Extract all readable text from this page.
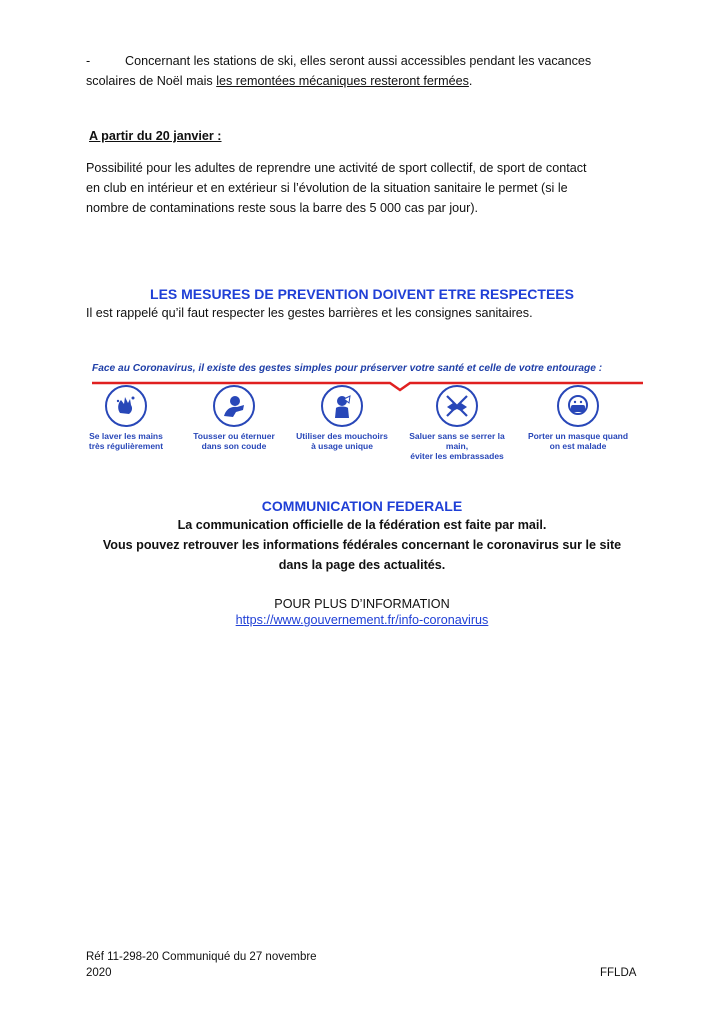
-	Concernant les stations de ski, elles seront aussi accessibles pendant les vacances
scolaires de Noël mais les remontées mécaniques resteront fermées.
A partir du 20 janvier :
Possibilité pour les adultes de reprendre une activité de sport collectif, de sport de contact
en club en intérieur et en extérieur si l’évolution de la situation sanitaire le permet (si le
nombre de contaminations reste sous la barre des 5 000 cas par jour).
LES MESURES DE PREVENTION DOIVENT ETRE RESPECTEES
Il est rappelé qu’il faut respecter les gestes barrières et les consignes sanitaires.
Face au Coronavirus, il existe des gestes simples pour préserver votre santé et celle de votre entourage :
Se laver les mains
très régulièrement
Tousser ou éternuer
dans son coude
Utiliser des mouchoirs
à usage unique
Saluer sans se serrer la main,
éviter les embrassades
Porter un masque quand
on est malade
COMMUNICATION FEDERALE
La communication officielle de la fédération est faite par mail.
Vous pouvez retrouver les informations fédérales concernant le coronavirus sur le site
dans la page des actualités.
POUR PLUS D’INFORMATION
https://www.gouvernement.fr/info-coronavirus
Réf 11-298-20 Communiqué du 27 novembre
2020	FFLDA
